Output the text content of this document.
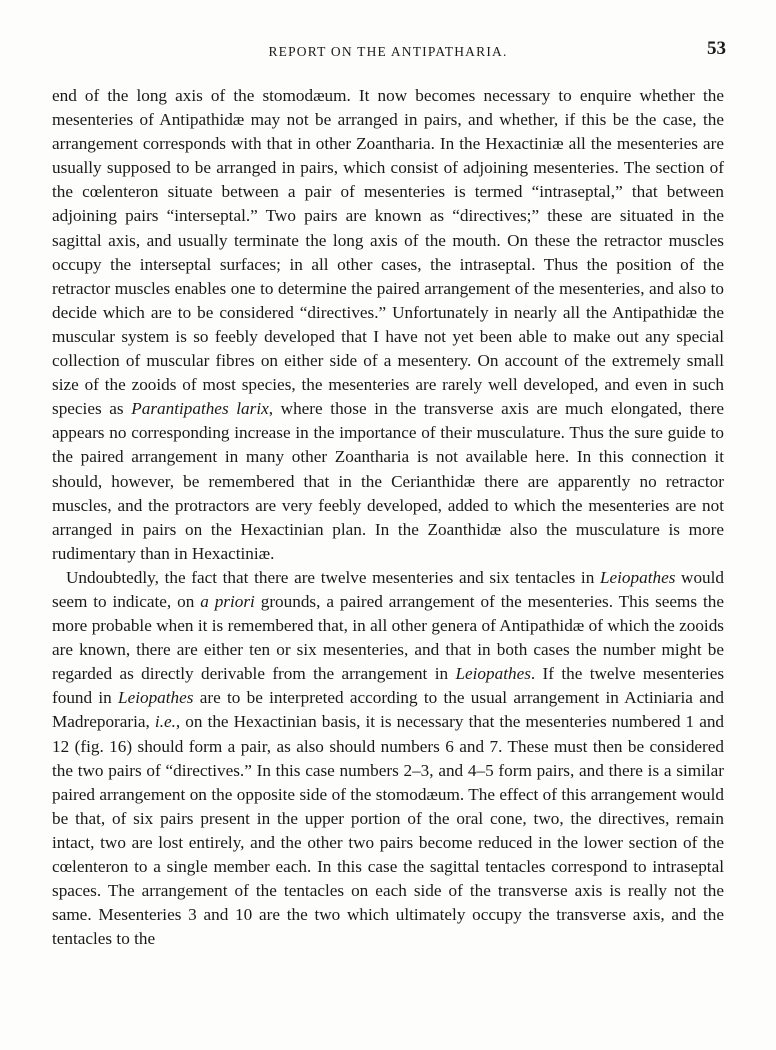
REPORT ON THE ANTIPATHARIA.	53

end of the long axis of the stomodæum. It now becomes necessary to enquire whether the mesenteries of Antipathidæ may not be arranged in pairs, and whether, if this be the case, the arrangement corresponds with that in other Zoantharia. In the Hexactiniæ all the mesenteries are usually supposed to be arranged in pairs, which consist of adjoining mesenteries. The section of the cœlenteron situate between a pair of mesenteries is termed “intraseptal,” that between adjoining pairs “interseptal.” Two pairs are known as “directives;” these are situated in the sagittal axis, and usually terminate the long axis of the mouth. On these the retractor muscles occupy the interseptal surfaces; in all other cases, the intraseptal. Thus the position of the retractor muscles enables one to determine the paired arrangement of the mesenteries, and also to decide which are to be considered “directives.” Unfortunately in nearly all the Antipathidæ the muscular system is so feebly developed that I have not yet been able to make out any special collection of muscular fibres on either side of a mesentery. On account of the extremely small size of the zooids of most species, the mesenteries are rarely well developed, and even in such species as Parantipathes larix, where those in the transverse axis are much elongated, there appears no corresponding increase in the importance of their musculature. Thus the sure guide to the paired arrangement in many other Zoantharia is not available here. In this connection it should, however, be remembered that in the Cerianthidæ there are apparently no retractor muscles, and the protractors are very feebly developed, added to which the mesenteries are not arranged in pairs on the Hexactinian plan. In the Zoanthidæ also the musculature is more rudimentary than in Hexactiniæ.

Undoubtedly, the fact that there are twelve mesenteries and six tentacles in Leiopathes would seem to indicate, on a priori grounds, a paired arrangement of the mesenteries. This seems the more probable when it is remembered that, in all other genera of Antipathidæ of which the zooids are known, there are either ten or six mesenteries, and that in both cases the number might be regarded as directly derivable from the arrangement in Leiopathes. If the twelve mesenteries found in Leiopathes are to be interpreted according to the usual arrangement in Actiniaria and Madreporaria, i.e., on the Hexactinian basis, it is necessary that the mesenteries numbered 1 and 12 (fig. 16) should form a pair, as also should numbers 6 and 7. These must then be considered the two pairs of “directives.” In this case numbers 2–3, and 4–5 form pairs, and there is a similar paired arrangement on the opposite side of the stomodæum. The effect of this arrangement would be that, of six pairs present in the upper portion of the oral cone, two, the directives, remain intact, two are lost entirely, and the other two pairs become reduced in the lower section of the cœlenteron to a single member each. In this case the sagittal tentacles correspond to intraseptal spaces. The arrangement of the tentacles on each side of the transverse axis is really not the same. Mesenteries 3 and 10 are the two which ultimately occupy the transverse axis, and the tentacles to the
